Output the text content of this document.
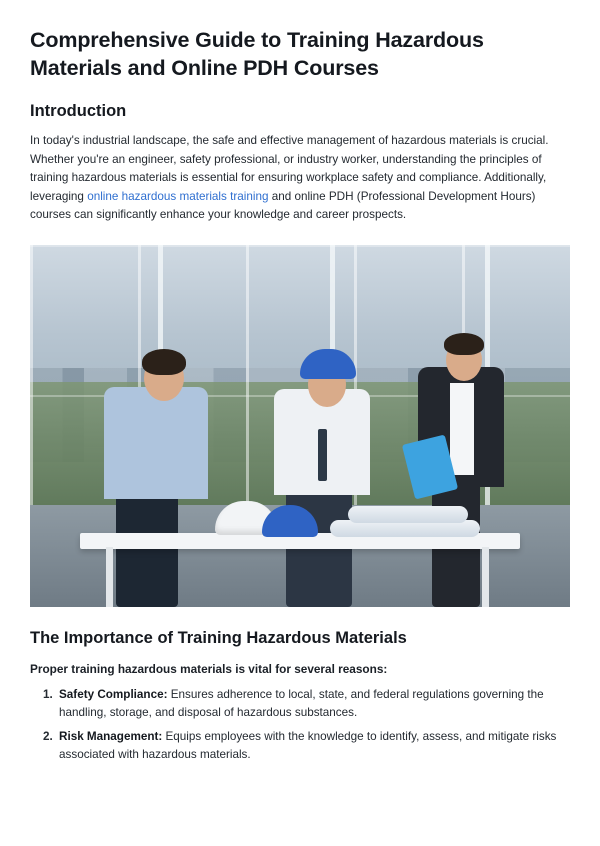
Comprehensive Guide to Training Hazardous Materials and Online PDH Courses
Introduction

In today's industrial landscape, the safe and effective management of hazardous materials is crucial. Whether you're an engineer, safety professional, or industry worker, understanding the principles of training hazardous materials is essential for ensuring workplace safety and compliance. Additionally, leveraging online hazardous materials training and online PDH (Professional Development Hours) courses can significantly enhance your knowledge and career prospects.

The Importance of Training Hazardous Materials

Proper training hazardous materials is vital for several reasons:

1. Safety Compliance: Ensures adherence to local, state, and federal regulations governing the handling, storage, and disposal of hazardous substances.
2. Risk Management: Equips employees with the knowledge to identify, assess, and mitigate risks associated with hazardous materials.
